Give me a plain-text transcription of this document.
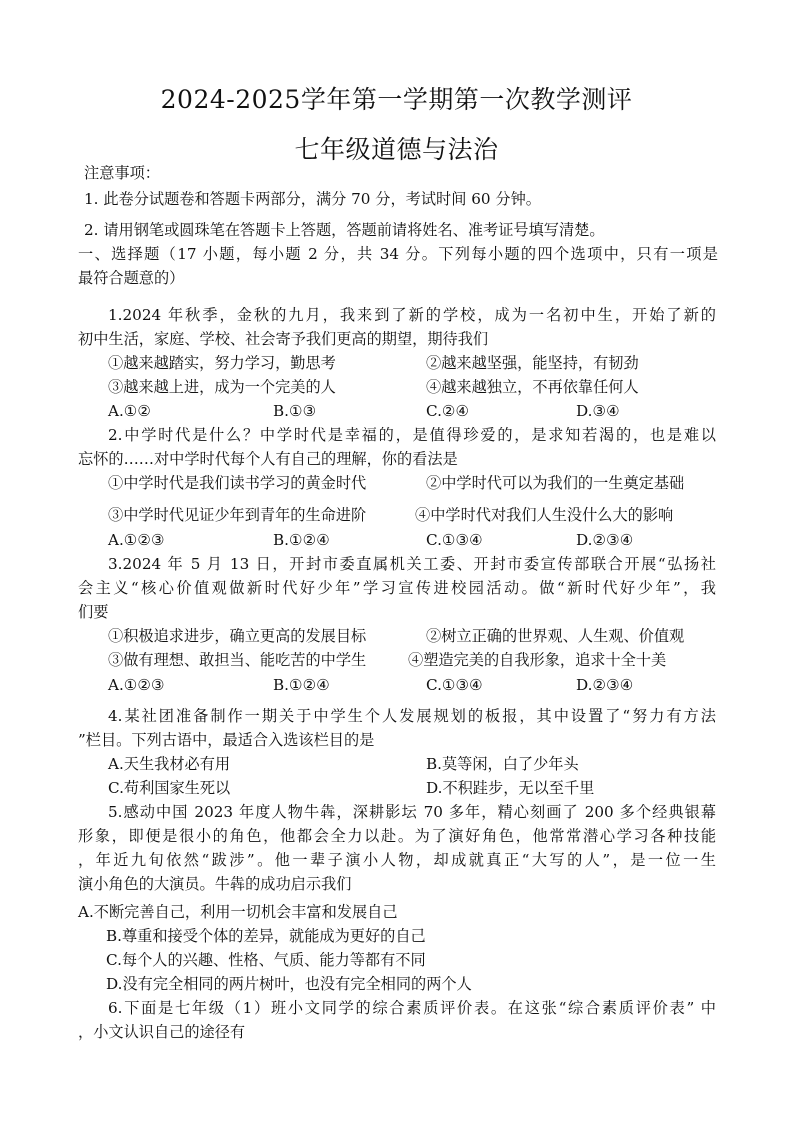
2024-2025学年第一学期第一次教学测评
七年级道德与法治
注意事项：
1. 此卷分试题卷和答题卡两部分，满分 70 分，考试时间 60 分钟。
2. 请用钢笔或圆珠笔在答题卡上答题，答题前请将姓名、准考证号填写清楚。
一、选择题（17 小题，每小题 2 分，共 34 分。下列每小题的四个选项中，只有一项是
最符合题意的）
1.2024 年秋季，金秋的九月，我来到了新的学校，成为一名初中生，开始了新的
初中生活，家庭、学校、社会寄予我们更高的期望，期待我们
①越来越踏实，努力学习，勤思考	②越来越坚强，能坚持，有韧劲
③越来越上进，成为一个完美的人	④越来越独立，不再依靠任何人
A.①②	B.①③	C.②④	D.③④
2.中学时代是什么？中学时代是幸福的，是值得珍爱的，是求知若渴的，也是难以
忘怀的……对中学时代每个人有自己的理解，你的看法是
①中学时代是我们读书学习的黄金时代	②中学时代可以为我们的一生奠定基础
③中学时代见证少年到青年的生命进阶	④中学时代对我们人生没什么大的影响
A.①②③	B.①②④	C.①③④	D.②③④
3.2024 年 5 月 13 日，开封市委直属机关工委、开封市委宣传部联合开展“弘扬社
会主义“核心价值观做新时代好少年”学习宣传进校园活动。做“新时代好少年”，我
们要
①积极追求进步，确立更高的发展目标	②树立正确的世界观、人生观、价值观
③做有理想、敢担当、能吃苦的中学生	④塑造完美的自我形象，追求十全十美
A.①②③	B.①②④	C.①③④	D.②③④
4.某社团准备制作一期关于中学生个人发展规划的板报，其中设置了“努力有方法
”栏目。下列古语中，最适合入选该栏目的是
A.天生我材必有用	B.莫等闲，白了少年头
C.苟利国家生死以	D.不积跬步，无以至千里
5.感动中国 2023 年度人物牛犇，深耕影坛 70 多年，精心刻画了 200 多个经典银幕
形象，即便是很小的角色，他都会全力以赴。为了演好角色，他常常潜心学习各种技能
，年近九旬依然“跋涉”。他一辈子演小人物，却成就真正“大写的人”，是一位一生
演小角色的大演员。牛犇的成功启示我们
A.不断完善自己，利用一切机会丰富和发展自己
B.尊重和接受个体的差异，就能成为更好的自己
C.每个人的兴趣、性格、气质、能力等都有不同
D.没有完全相同的两片树叶，也没有完全相同的两个人
6.下面是七年级（1）班小文同学的综合素质评价表。在这张“综合素质评价表” 中
，小文认识自己的途径有
